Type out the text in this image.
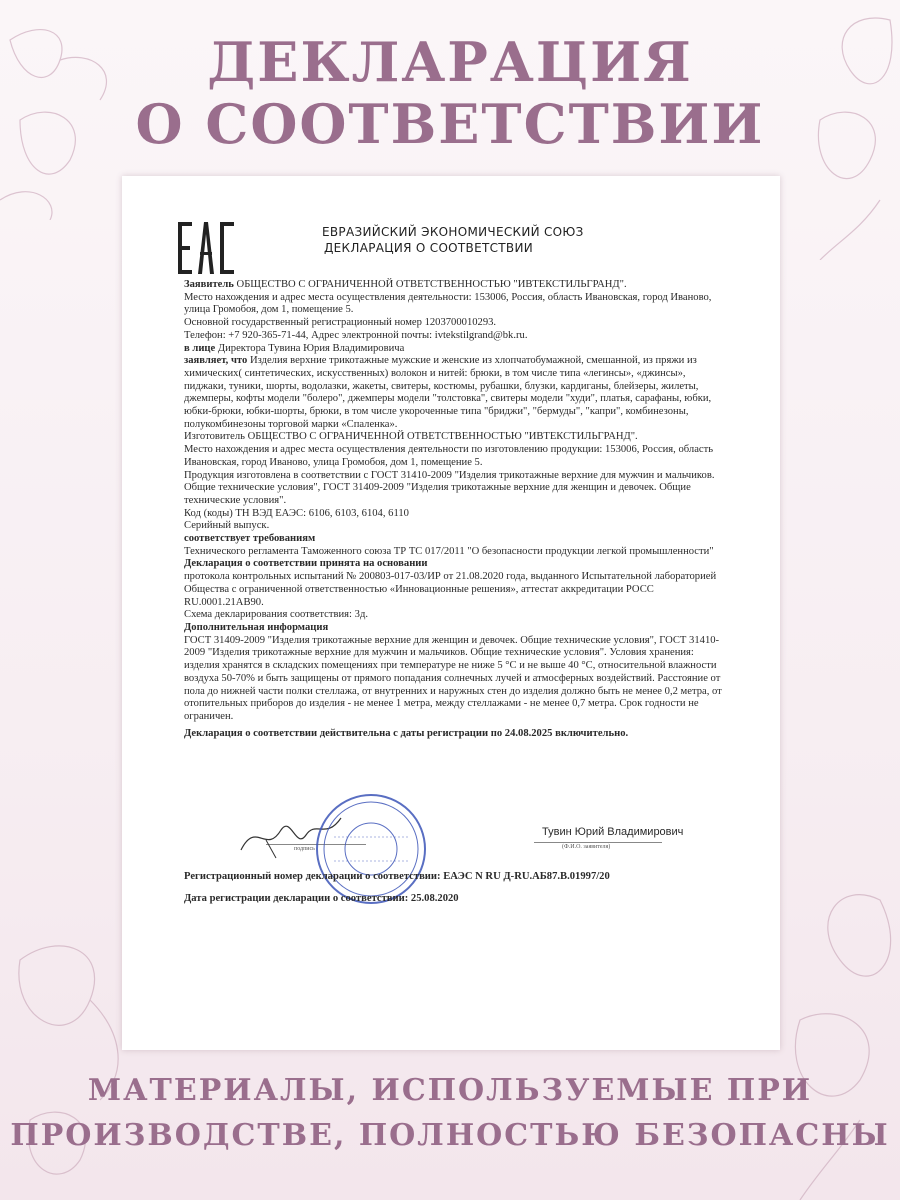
ДЕКЛАРАЦИЯ
О СООТВЕТСТВИИ
ЕВРАЗИЙСКИЙ ЭКОНОМИЧЕСКИЙ СОЮЗ
ДЕКЛАРАЦИЯ О СООТВЕТСТВИИ

Заявитель ОБЩЕСТВО С ОГРАНИЧЕННОЙ ОТВЕТСТВЕННОСТЬЮ "ИВТЕКСТИЛЬГРАНД".

Место нахождения и адрес места осуществления деятельности: 153006, Россия, область Ивановская, город Иваново, улица Громобоя, дом 1, помещение 5.

Основной государственный регистрационный номер 1203700010293.

Телефон: +7 920-365-71-44, Адрес электронной почты: ivtekstilgrand@bk.ru.

в лице Директора Тувина Юрия Владимировича

заявляет, что Изделия верхние трикотажные мужские и женские из хлопчатобумажной, смешанной, из пряжи из химических( синтетических, искусственных) волокон и нитей: брюки, в том числе типа «легинсы», «джинсы», пиджаки, туники, шорты, водолазки, жакеты, свитеры, костюмы, рубашки, блузки, кардиганы, блейзеры, жилеты, джемперы, кофты модели "болеро", джемперы модели "толстовка", свитеры модели "худи", платья, сарафаны, юбки, юбки-брюки, юбки-шорты, брюки, в том числе укороченные типа "бриджи", "бермуды", "капри", комбинезоны, полукомбинезоны торговой марки «Спаленка».

Изготовитель ОБЩЕСТВО С ОГРАНИЧЕННОЙ ОТВЕТСТВЕННОСТЬЮ "ИВТЕКСТИЛЬГРАНД".

Место нахождения и адрес места осуществления деятельности по изготовлению продукции: 153006, Россия, область Ивановская, город Иваново, улица Громобоя, дом 1, помещение 5.

Продукция изготовлена в соответствии с ГОСТ 31410-2009 "Изделия трикотажные верхние для мужчин и мальчиков. Общие технические условия", ГОСТ 31409-2009 "Изделия трикотажные верхние для женщин и девочек. Общие технические условия".

Код (коды) ТН ВЭД ЕАЭС: 6106, 6103, 6104, 6110

Серийный выпуск.

соответствует требованиям

Технического регламента Таможенного союза ТР ТС 017/2011 "О безопасности продукции легкой промышленности"

Декларация о соответствии принята на основании

протокола контрольных испытаний № 200803-017-03/ИР от 21.08.2020 года, выданного Испытательной лабораторией Общества с ограниченной ответственностью «Инновационные решения», аттестат аккредитации РОСС RU.0001.21АВ90.

Схема декларирования соответствия: 3д.

Дополнительная информация

ГОСТ 31409-2009 "Изделия трикотажные верхние для женщин и девочек. Общие технические условия", ГОСТ 31410-2009 "Изделия трикотажные верхние для мужчин и мальчиков. Общие технические условия". Условия хранения: изделия хранятся в складских помещениях при температуре не ниже 5 °С и не выше 40 °С, относительной влажности воздуха 50-70% и быть защищены от прямого попадания солнечных лучей и атмосферных воздействий. Расстояние от пола до нижней части полки стеллажа, от внутренних и наружных стен до изделия должно быть не менее 0,2 метра, от отопительных приборов до изделия - не менее 1 метра, между стеллажами - не менее 0,7 метра. Срок годности не ограничен.

Декларация о соответствии действительна с даты регистрации по 24.08.2025 включительно.

подпись
Тувин Юрий Владимирович
(Ф.И.О. заявителя)
Регистрационный номер декларации о соответствии: ЕАЭС N RU Д-RU.АБ87.В.01997/20
Дата регистрации декларации о соответствии: 25.08.2020
МАТЕРИАЛЫ, ИСПОЛЬЗУЕМЫЕ ПРИ
ПРОИЗВОДСТВЕ, ПОЛНОСТЬЮ БЕЗОПАСНЫ
